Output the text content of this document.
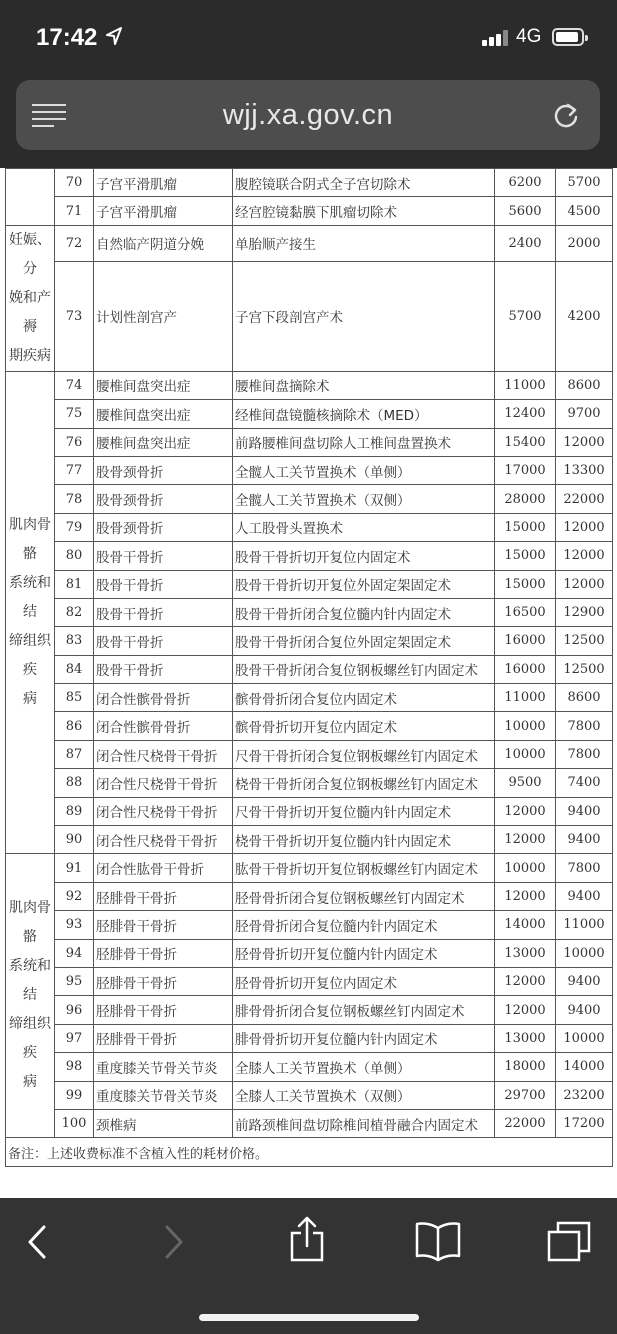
17:42	4G
wjj.xa.gov.cn
	70	子宫平滑肌瘤	腹腔镜联合阴式全子宫切除术	6200	5700
	71	子宫平滑肌瘤	经宫腔镜黏膜下肌瘤切除术	5600	4500

妊娠、分
娩和产褥
期疾病	72	自然临产阴道分娩	单胎顺产接生	2400	2000
	73	计划性剖宫产	子宫下段剖宫产术	5700	4200

肌肉骨骼
系统和结
缔组织疾
病	74	腰椎间盘突出症	腰椎间盘摘除术	11000	8600
	75	腰椎间盘突出症	经椎间盘镜髓核摘除术（MED）	12400	9700
	76	腰椎间盘突出症	前路腰椎间盘切除人工椎间盘置换术	15400	12000
	77	股骨颈骨折	全髋人工关节置换术（单侧）	17000	13300
	78	股骨颈骨折	全髋人工关节置换术（双侧）	28000	22000
	79	股骨颈骨折	人工股骨头置换术	15000	12000
	80	股骨干骨折	股骨干骨折切开复位内固定术	15000	12000
	81	股骨干骨折	股骨干骨折切开复位外固定架固定术	15000	12000
	82	股骨干骨折	股骨干骨折闭合复位髓内针内固定术	16500	12900
	83	股骨干骨折	股骨干骨折闭合复位外固定架固定术	16000	12500
	84	股骨干骨折	股骨干骨折闭合复位钢板螺丝钉内固定术	16000	12500
	85	闭合性髌骨骨折	髌骨骨折闭合复位内固定术	11000	8600
	86	闭合性髌骨骨折	髌骨骨折切开复位内固定术	10000	7800
	87	闭合性尺桡骨干骨折	尺骨干骨折闭合复位钢板螺丝钉内固定术	10000	7800
	88	闭合性尺桡骨干骨折	桡骨干骨折闭合复位钢板螺丝钉内固定术	9500	7400
	89	闭合性尺桡骨干骨折	尺骨干骨折切开复位髓内针内固定术	12000	9400
	90	闭合性尺桡骨干骨折	桡骨干骨折切开复位髓内针内固定术	12000	9400

肌肉骨骼
系统和结
缔组织疾
病	91	闭合性肱骨干骨折	肱骨干骨折切开复位钢板螺丝钉内固定术	10000	7800
	92	胫腓骨干骨折	胫骨骨折闭合复位钢板螺丝钉内固定术	12000	9400
	93	胫腓骨干骨折	胫骨骨折闭合复位髓内针内固定术	14000	11000
	94	胫腓骨干骨折	胫骨骨折切开复位髓内针内固定术	13000	10000
	95	胫腓骨干骨折	胫骨骨折切开复位内固定术	12000	9400
	96	胫腓骨干骨折	腓骨骨折闭合复位钢板螺丝钉内固定术	12000	9400
	97	胫腓骨干骨折	腓骨骨折切开复位髓内针内固定术	13000	10000
	98	重度膝关节骨关节炎	全膝人工关节置换术（单侧）	18000	14000
	99	重度膝关节骨关节炎	全膝人工关节置换术（双侧）	29700	23200
	100	颈椎病	前路颈椎间盘切除椎间植骨融合内固定术	22000	17200
备注：上述收费标准不含植入性的耗材价格。					
